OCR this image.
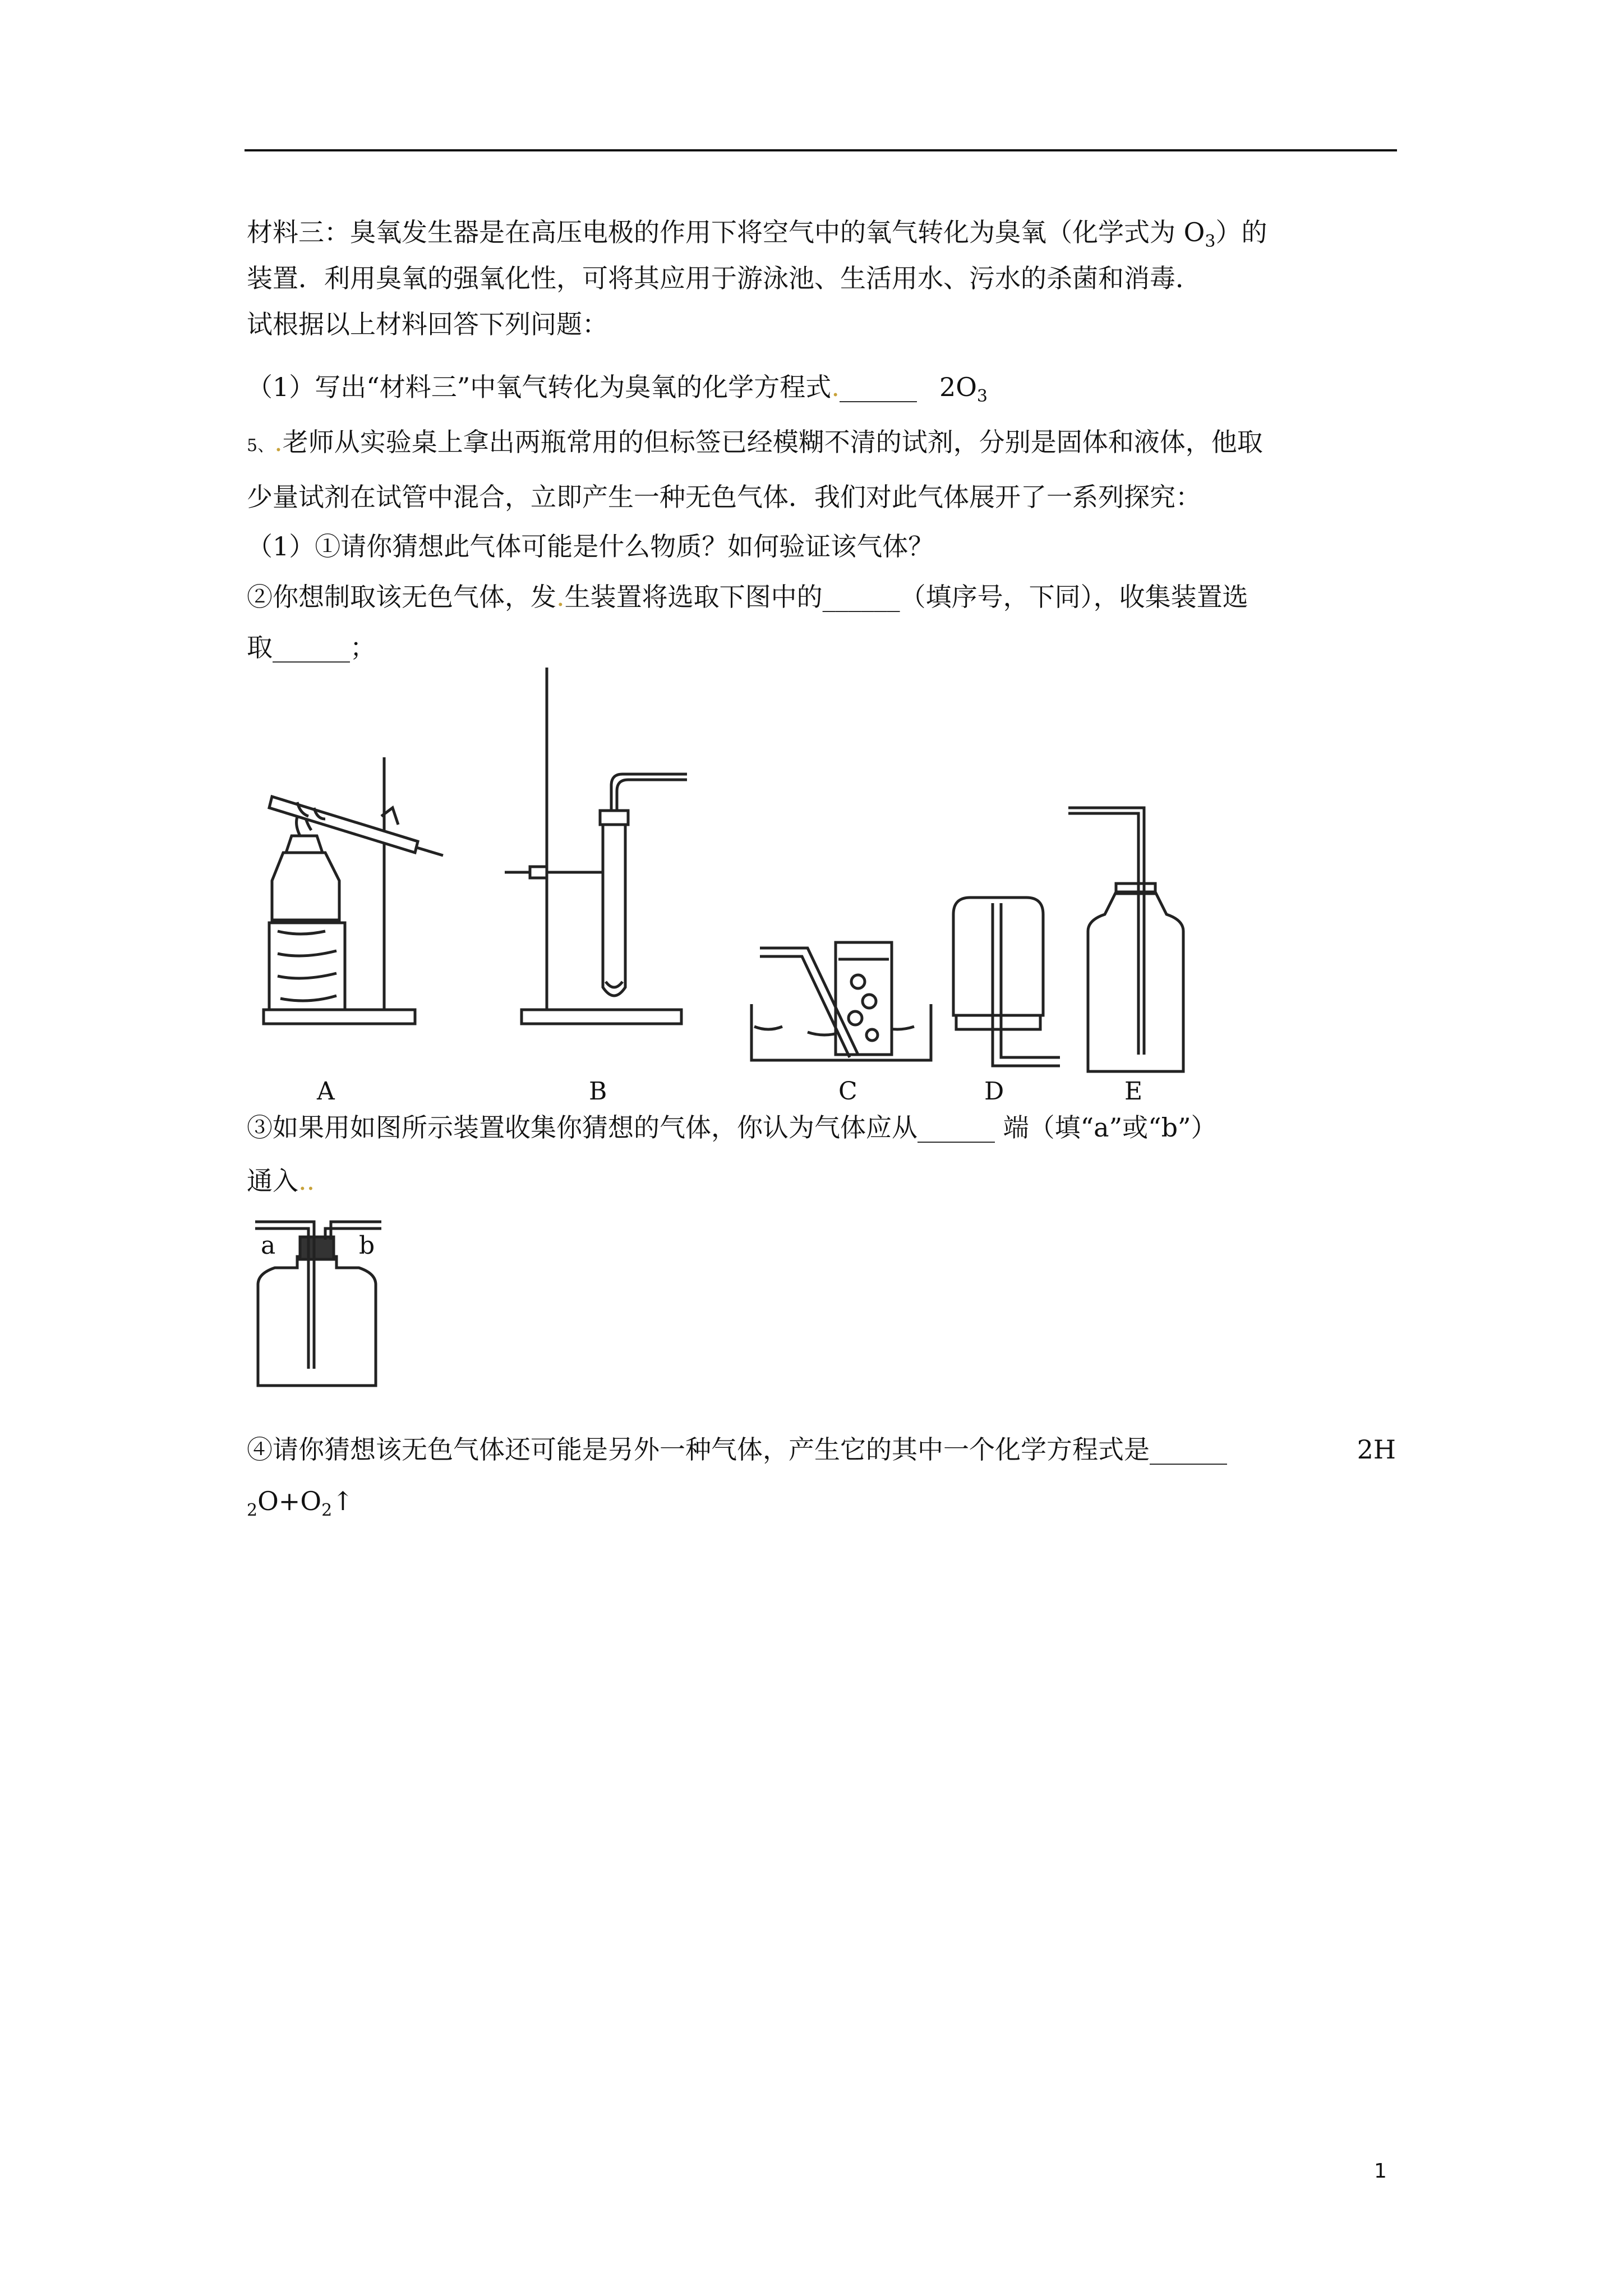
材料三：臭氧发生器是在高压电极的作用下将空气中的氧气转化为臭氧（化学式为 $O_3$）的
装置．利用臭氧的强氧化性，可将其应用于游泳池、生活用水、污水的杀菌和消毒．
试根据以上材料回答下列问题：
（1）写出“材料三”中氧气转化为臭氧的化学方程式.______ $2O_3$
5、.老师从实验桌上拿出两瓶常用的但标签已经模糊不清的试剂，分别是固体和液体，他取
少量试剂在试管中混合，立即产生一种无色气体．我们对此气体展开了一系列探究：
（1）①请你猜想此气体可能是什么物质？如何验证该气体？
②你想制取该无色气体，发.生装置将选取下图中的______（填序号，下同），收集装置选
取______；
A	B	C	D	E
③如果用如图所示装置收集你猜想的气体，你认为气体应从______ 端（填“a”或“b”）
通入..
a	b
④请你猜想该无色气体还可能是另外一种气体，产生它的其中一个化学方程式是______	2H
$_2O+O_2↑$
1
